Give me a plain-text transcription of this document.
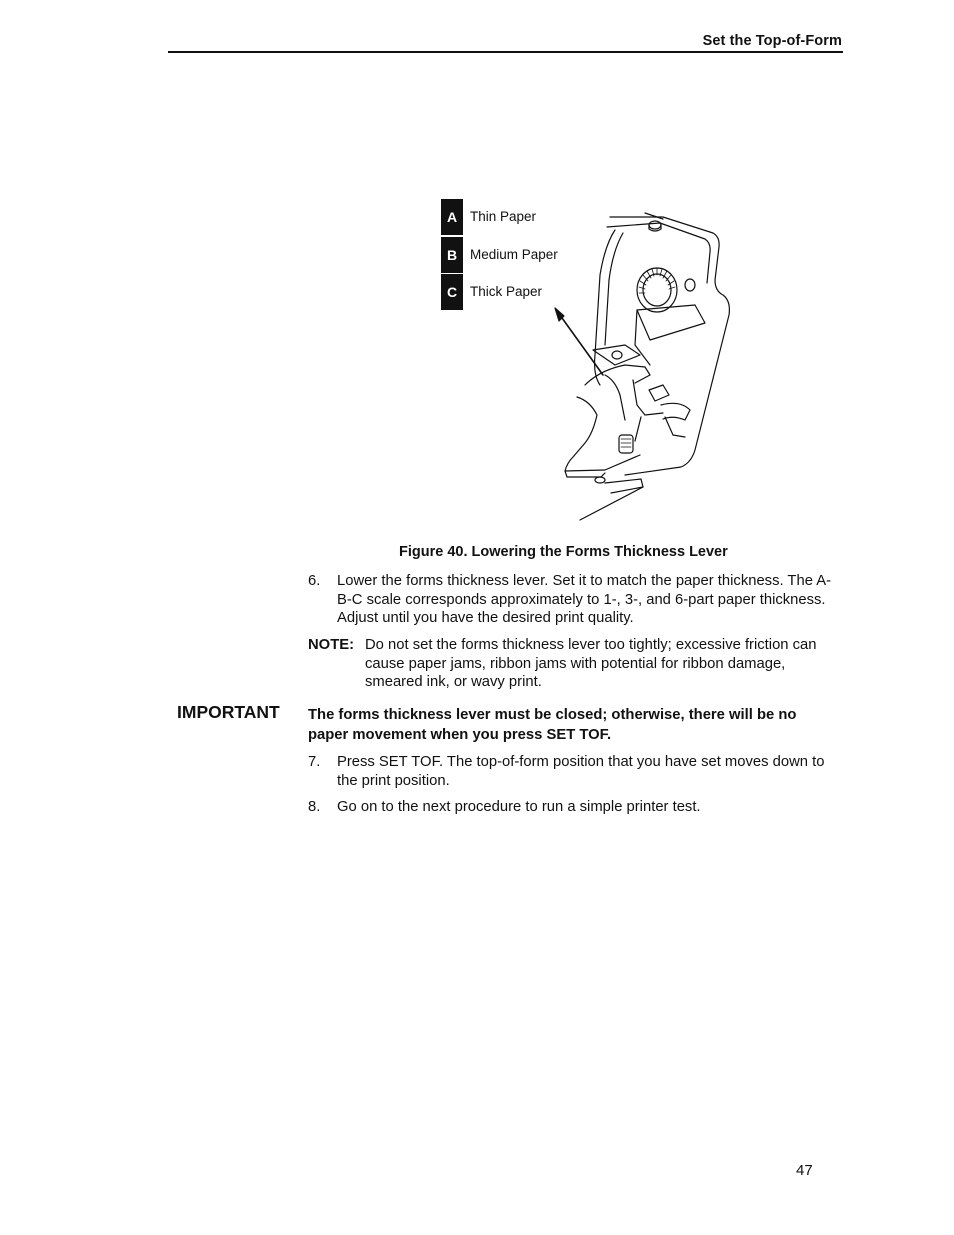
Set the Top-of-Form
A Thin Paper
B Medium Paper
C Thick Paper
Figure 40. Lowering the Forms Thickness Lever
6. Lower the forms thickness lever. Set it to match the paper thickness. The A-B-C scale corresponds approximately to 1-, 3-, and 6-part paper thickness. Adjust until you have the desired print quality.
NOTE: Do not set the forms thickness lever too tightly; excessive friction can cause paper jams, ribbon jams with potential for ribbon damage, smeared ink, or wavy print.
IMPORTANT The forms thickness lever must be closed; otherwise, there will be no paper movement when you press SET TOF.
7. Press SET TOF. The top-of-form position that you have set moves down to the print position.
8. Go on to the next procedure to run a simple printer test.
47
